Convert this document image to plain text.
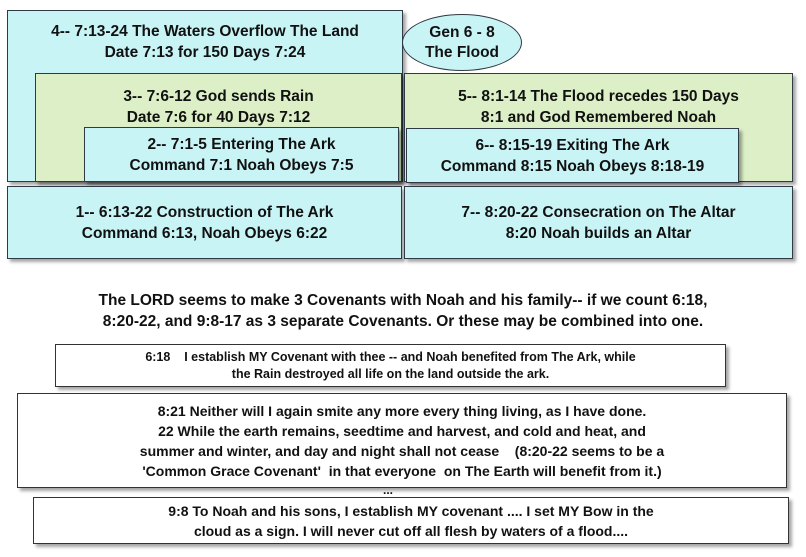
4-- 7:13-24 The Waters Overflow The Land
Date 7:13 for 150 Days 7:24
3-- 7:6-12 God sends Rain
Date 7:6 for 40 Days 7:12
2-- 7:1-5 Entering The Ark
Command 7:1 Noah Obeys 7:5
1-- 6:13-22 Construction of The Ark
Command 6:13, Noah Obeys 6:22
5-- 8:1-14 The Flood recedes 150 Days
8:1 and God Remembered Noah
6-- 8:15-19 Exiting The Ark
Command 8:15 Noah Obeys 8:18-19
7-- 8:20-22 Consecration on The Altar
8:20 Noah builds an Altar
Gen 6 - 8
The Flood
The LORD seems to make 3 Covenants with Noah and his family-- if we count 6:18,
8:20-22, and 9:8-17 as 3 separate Covenants. Or these may be combined into one.
6:18    I establish MY Covenant with thee -- and Noah benefited from The Ark, while
the Rain destroyed all life on the land outside the ark.
8:21 Neither will I again smite any more every thing living, as I have done.
22 While the earth remains, seedtime and harvest, and cold and heat, and
summer and winter, and day and night shall not cease    (8:20-22 seems to be a
'Common Grace Covenant'  in that everyone  on The Earth will benefit from it.)
...
9:8 To Noah and his sons, I establish MY covenant .... I set MY Bow in the
cloud as a sign. I will never cut off all flesh by waters of a flood....
